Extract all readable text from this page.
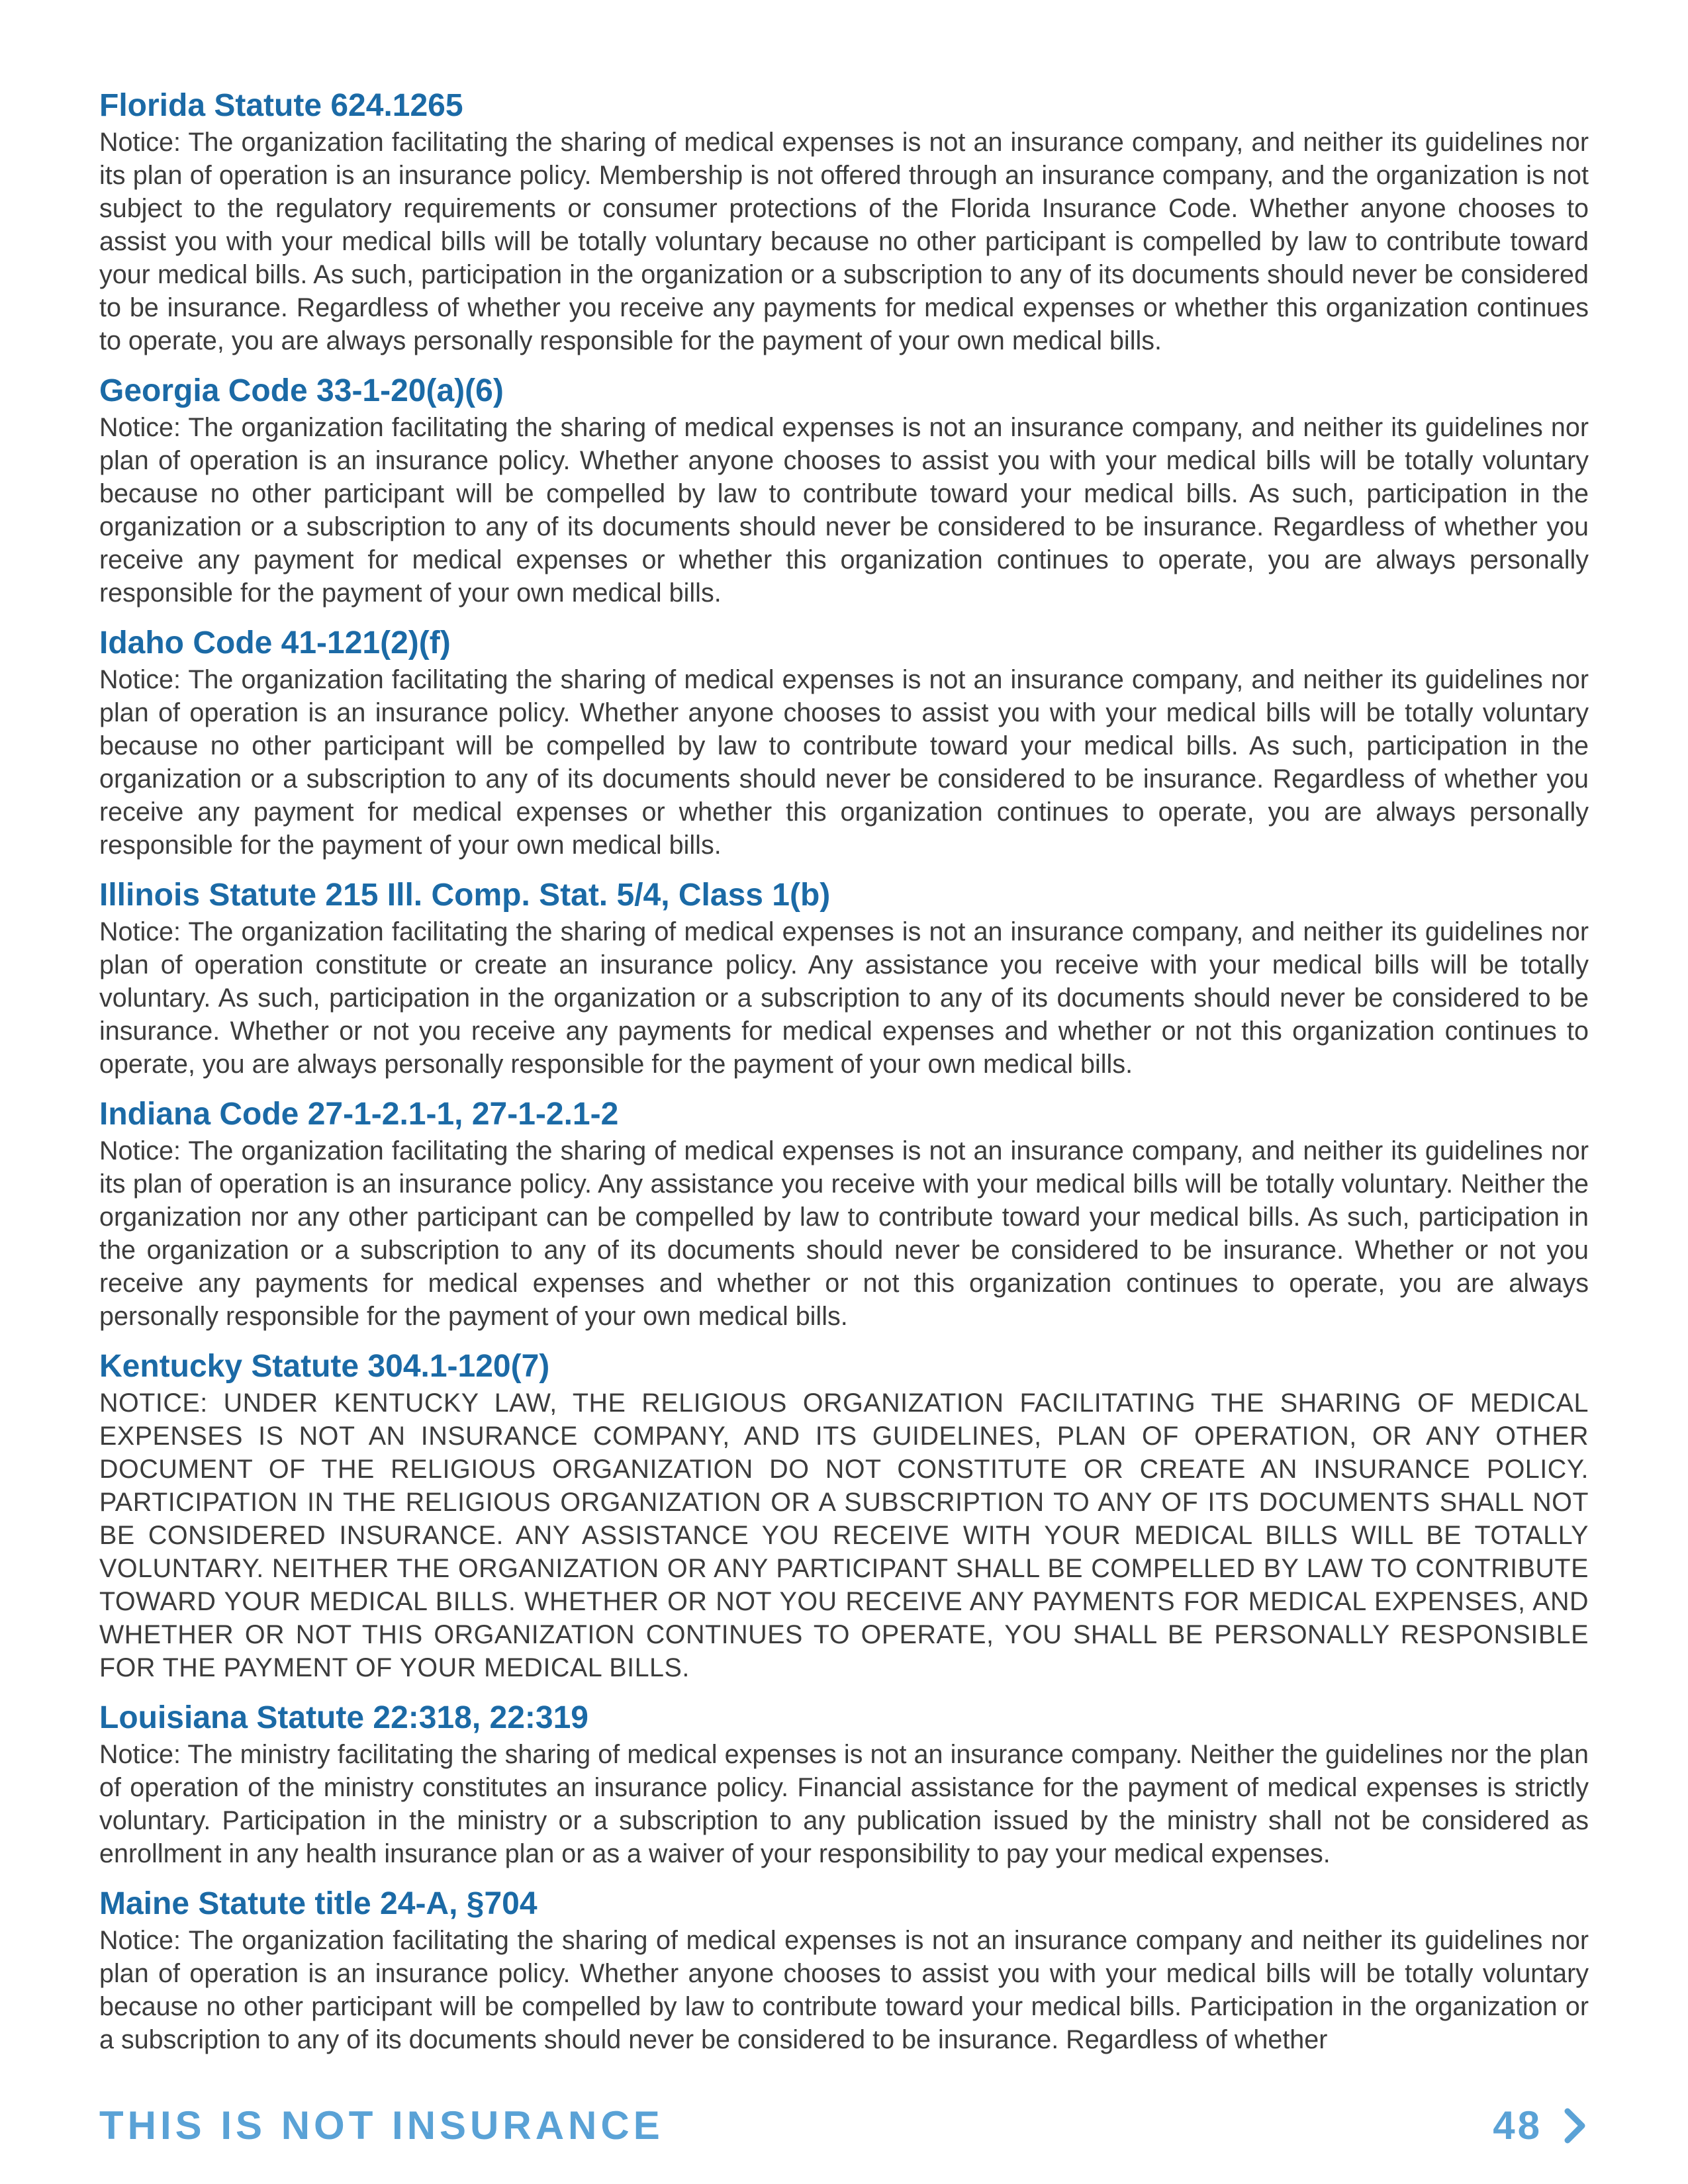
Florida Statute 624.1265

Notice: The organization facilitating the sharing of medical expenses is not an insurance company, and neither its guidelines nor its plan of operation is an insurance policy. Membership is not offered through an insurance company, and the organization is not subject to the regulatory requirements or consumer protections of the Florida Insurance Code. Whether anyone chooses to assist you with your medical bills will be totally voluntary because no other participant is compelled by law to contribute toward your medical bills. As such, participation in the organization or a subscription to any of its documents should never be considered to be insurance. Regardless of whether you receive any payments for medical expenses or whether this organization continues to operate, you are always personally responsible for the payment of your own medical bills.

Georgia Code 33-1-20(a)(6)

Notice: The organization facilitating the sharing of medical expenses is not an insurance company, and neither its guidelines nor plan of operation is an insurance policy. Whether anyone chooses to assist you with your medical bills will be totally voluntary because no other participant will be compelled by law to contribute toward your medical bills. As such, participation in the organization or a subscription to any of its documents should never be considered to be insurance. Regardless of whether you receive any payment for medical expenses or whether this organization continues to operate, you are always personally responsible for the payment of your own medical bills.

Idaho Code 41-121(2)(f)

Notice: The organization facilitating the sharing of medical expenses is not an insurance company, and neither its guidelines nor plan of operation is an insurance policy. Whether anyone chooses to assist you with your medical bills will be totally voluntary because no other participant will be compelled by law to contribute toward your medical bills. As such, participation in the organization or a subscription to any of its documents should never be considered to be insurance. Regardless of whether you receive any payment for medical expenses or whether this organization continues to operate, you are always personally responsible for the payment of your own medical bills.

Illinois Statute 215 Ill. Comp. Stat. 5/4, Class 1(b)

Notice: The organization facilitating the sharing of medical expenses is not an insurance company, and neither its guidelines nor plan of operation constitute or create an insurance policy. Any assistance you receive with your medical bills will be totally voluntary. As such, participation in the organization or a subscription to any of its documents should never be considered to be insurance. Whether or not you receive any payments for medical expenses and whether or not this organization continues to operate, you are always personally responsible for the payment of your own medical bills.

Indiana Code 27-1-2.1-1, 27-1-2.1-2

Notice: The organization facilitating the sharing of medical expenses is not an insurance company, and neither its guidelines nor its plan of operation is an insurance policy. Any assistance you receive with your medical bills will be totally voluntary. Neither the organization nor any other participant can be compelled by law to contribute toward your medical bills. As such, participation in the organization or a subscription to any of its documents should never be considered to be insurance. Whether or not you receive any payments for medical expenses and whether or not this organization continues to operate, you are always personally responsible for the payment of your own medical bills.

Kentucky Statute 304.1-120(7)

NOTICE: UNDER KENTUCKY LAW, THE RELIGIOUS ORGANIZATION FACILITATING THE SHARING OF MEDICAL EXPENSES IS NOT AN INSURANCE COMPANY, AND ITS GUIDELINES, PLAN OF OPERATION, OR ANY OTHER DOCUMENT OF THE RELIGIOUS ORGANIZATION DO NOT CONSTITUTE OR CREATE AN INSURANCE POLICY. PARTICIPATION IN THE RELIGIOUS ORGANIZATION OR A SUBSCRIPTION TO ANY OF ITS DOCUMENTS SHALL NOT BE CONSIDERED INSURANCE. ANY ASSISTANCE YOU RECEIVE WITH YOUR MEDICAL BILLS WILL BE TOTALLY VOLUNTARY. NEITHER THE ORGANIZATION OR ANY PARTICIPANT SHALL BE COMPELLED BY LAW TO CONTRIBUTE TOWARD YOUR MEDICAL BILLS. WHETHER OR NOT YOU RECEIVE ANY PAYMENTS FOR MEDICAL EXPENSES, AND WHETHER OR NOT THIS ORGANIZATION CONTINUES TO OPERATE, YOU SHALL BE PERSONALLY RESPONSIBLE FOR THE PAYMENT OF YOUR MEDICAL BILLS.

Louisiana Statute 22:318, 22:319

Notice: The ministry facilitating the sharing of medical expenses is not an insurance company. Neither the guidelines nor the plan of operation of the ministry constitutes an insurance policy. Financial assistance for the payment of medical expenses is strictly voluntary. Participation in the ministry or a subscription to any publication issued by the ministry shall not be considered as enrollment in any health insurance plan or as a waiver of your responsibility to pay your medical expenses.

Maine Statute title 24-A, §704

Notice: The organization facilitating the sharing of medical expenses is not an insurance company and neither its guidelines nor plan of operation is an insurance policy. Whether anyone chooses to assist you with your medical bills will be totally voluntary because no other participant will be compelled by law to contribute toward your medical bills. Participation in the organization or a subscription to any of its documents should never be considered to be insurance. Regardless of whether

THIS IS NOT INSURANCE	48
